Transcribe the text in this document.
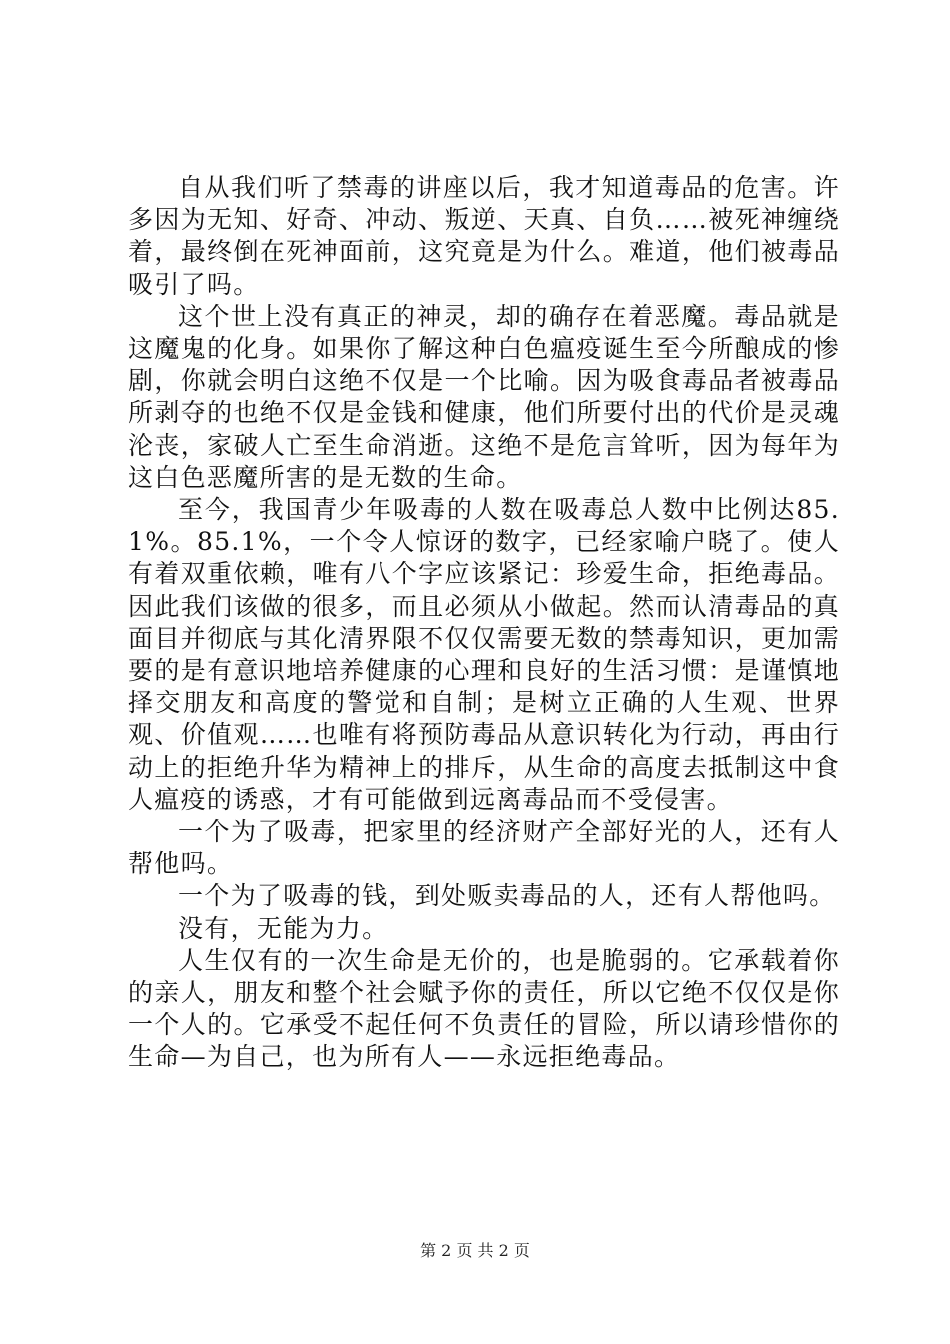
自从我们听了禁毒的讲座以后，我才知道毒品的危害。许多因为无知、好奇、冲动、叛逆、天真、自负……被死神缠绕着，最终倒在死神面前，这究竟是为什么。难道，他们被毒品吸引了吗。

这个世上没有真正的神灵，却的确存在着恶魔。毒品就是这魔鬼的化身。如果你了解这种白色瘟疫诞生至今所酿成的惨剧，你就会明白这绝不仅是一个比喻。因为吸食毒品者被毒品所剥夺的也绝不仅是金钱和健康，他们所要付出的代价是灵魂沦丧，家破人亡至生命消逝。这绝不是危言耸听，因为每年为这白色恶魔所害的是无数的生命。

至今，我国青少年吸毒的人数在吸毒总人数中比例达85.1%。85.1%，一个令人惊讶的数字，已经家喻户晓了。使人有着双重依赖，唯有八个字应该紧记：珍爱生命，拒绝毒品。因此我们该做的很多，而且必须从小做起。然而认清毒品的真面目并彻底与其化清界限不仅仅需要无数的禁毒知识，更加需要的是有意识地培养健康的心理和良好的生活习惯：是谨慎地择交朋友和高度的警觉和自制；是树立正确的人生观、世界观、价值观……也唯有将预防毒品从意识转化为行动，再由行动上的拒绝升华为精神上的排斥，从生命的高度去抵制这中食人瘟疫的诱惑，才有可能做到远离毒品而不受侵害。

一个为了吸毒，把家里的经济财产全部好光的人，还有人帮他吗。

一个为了吸毒的钱，到处贩卖毒品的人，还有人帮他吗。

没有，无能为力。

人生仅有的一次生命是无价的，也是脆弱的。它承载着你的亲人，朋友和整个社会赋予你的责任，所以它绝不仅仅是你一个人的。它承受不起任何不负责任的冒险，所以请珍惜你的生命—为自己，也为所有人——永远拒绝毒品。

第 2 页 共 2 页
